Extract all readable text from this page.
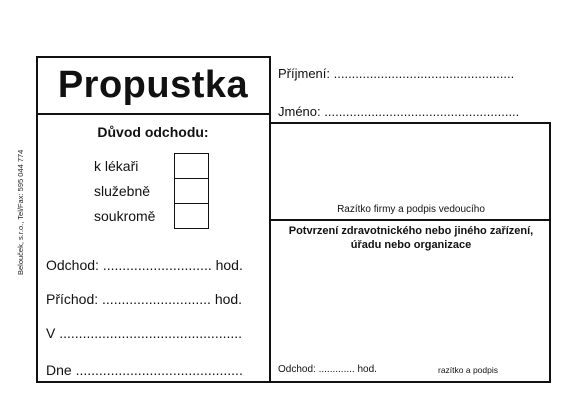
Belouček, s.r.o., Tel/Fax: 595 044 774
Propustka
Důvod odchodu:
k lékaři
služebně
soukromě
Odchod: ............................ hod.
Příchod: ............................ hod.
V ...............................................
Dne ...........................................
Příjmení: ..................................................
Jméno: ......................................................
Razítko firmy a podpis vedoucího
Potvrzení zdravotnického nebo jiného zařízení, úřadu nebo organizace
Odchod: ............. hod.	razítko a podpis
